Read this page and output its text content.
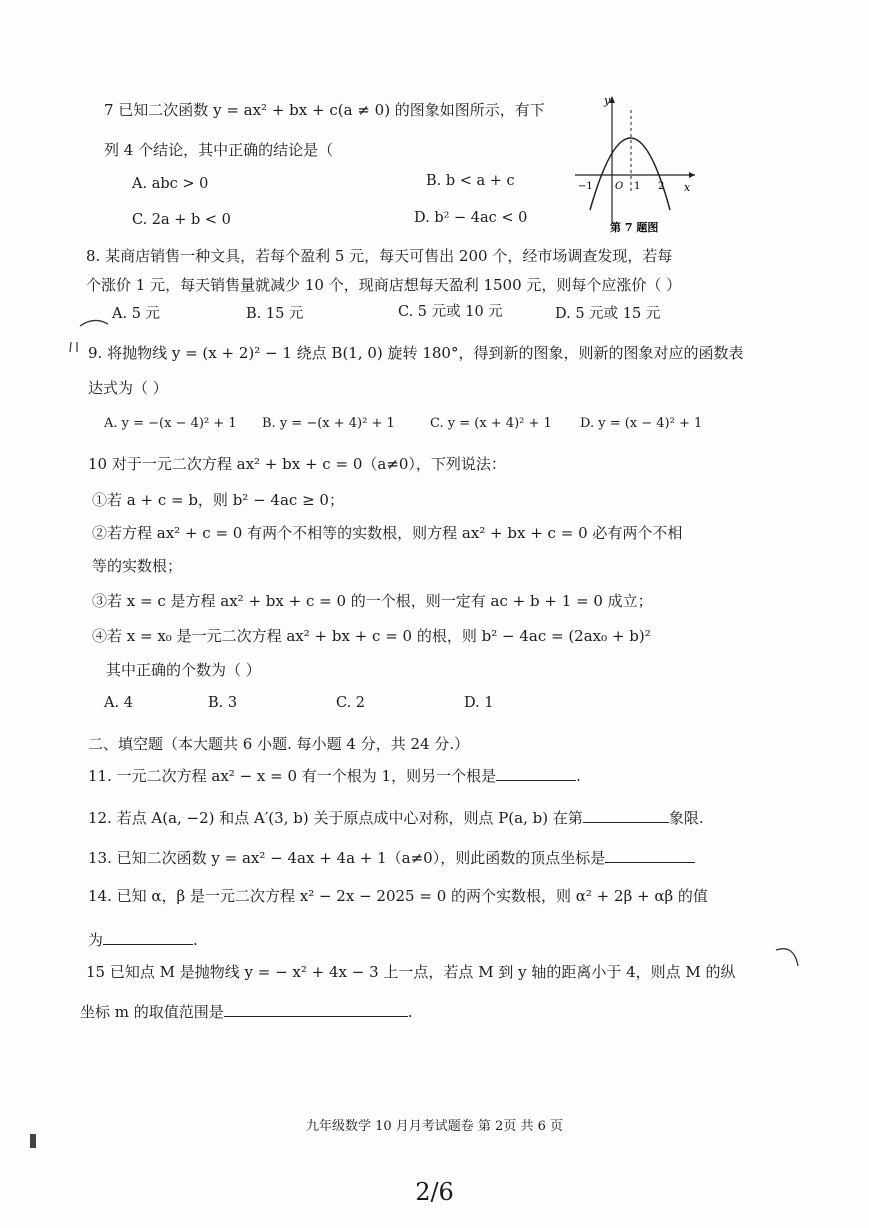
7 已知二次函数 y = ax² + bx + c(a ≠ 0) 的图象如图所示，有下
列 4 个结论，其中正确的结论是（
A. abc > 0	B. b < a + c
C. 2a + b < 0	D. b² − 4ac < 0
y
x
O
−1	1 2
第 7 题图
8. 某商店销售一种文具，若每个盈利 5 元，每天可售出 200 个，经市场调查发现，若每
个涨价 1 元，每天销售量就减少 10 个，现商店想每天盈利 1500 元，则每个应涨价（ ）
A. 5 元	B. 15 元	C. 5 元或 10 元	D. 5 元或 15 元
9. 将抛物线 y = (x + 2)² − 1 绕点 B(1, 0) 旋转 180°，得到新的图象，则新的图象对应的函数表
达式为（ ）
A. y = −(x − 4)² + 1 B. y = −(x + 4)² + 1	C. y = (x + 4)² + 1 D. y = (x − 4)² + 1
10 对于一元二次方程 ax² + bx + c = 0（a≠0），下列说法：
①若 a + c = b，则 b² − 4ac ≥ 0；
②若方程 ax² + c = 0 有两个不相等的实数根，则方程 ax² + bx + c = 0 必有两个不相
等的实数根；
③若 x = c 是方程 ax² + bx + c = 0 的一个根，则一定有 ac + b + 1 = 0 成立；
④若 x = x₀ 是一元二次方程 ax² + bx + c = 0 的根，则 b² − 4ac = (2ax₀ + b)²
其中正确的个数为（ ）
A. 4	B. 3	C. 2	D. 1
二、填空题（本大题共 6 小题. 每小题 4 分，共 24 分.）
11. 一元二次方程 ax² − x = 0 有一个根为 1，则另一个根是	.
12. 若点 A(a, −2) 和点 A′(3, b) 关于原点成中心对称，则点 P(a, b) 在第	象限.
13. 已知二次函数 y = ax² − 4ax + 4a + 1（a≠0），则此函数的顶点坐标是
14. 已知 α，β 是一元二次方程 x² − 2x − 2025 = 0 的两个实数根，则 α² + 2β + αβ 的值
为	.
15 已知点 M 是抛物线 y = − x² + 4x − 3 上一点，若点 M 到 y 轴的距离小于 4，则点 M 的纵
坐标 m 的取值范围是	.
九年级数学 10 月月考试题卷 第 2页 共 6 页
2/6
